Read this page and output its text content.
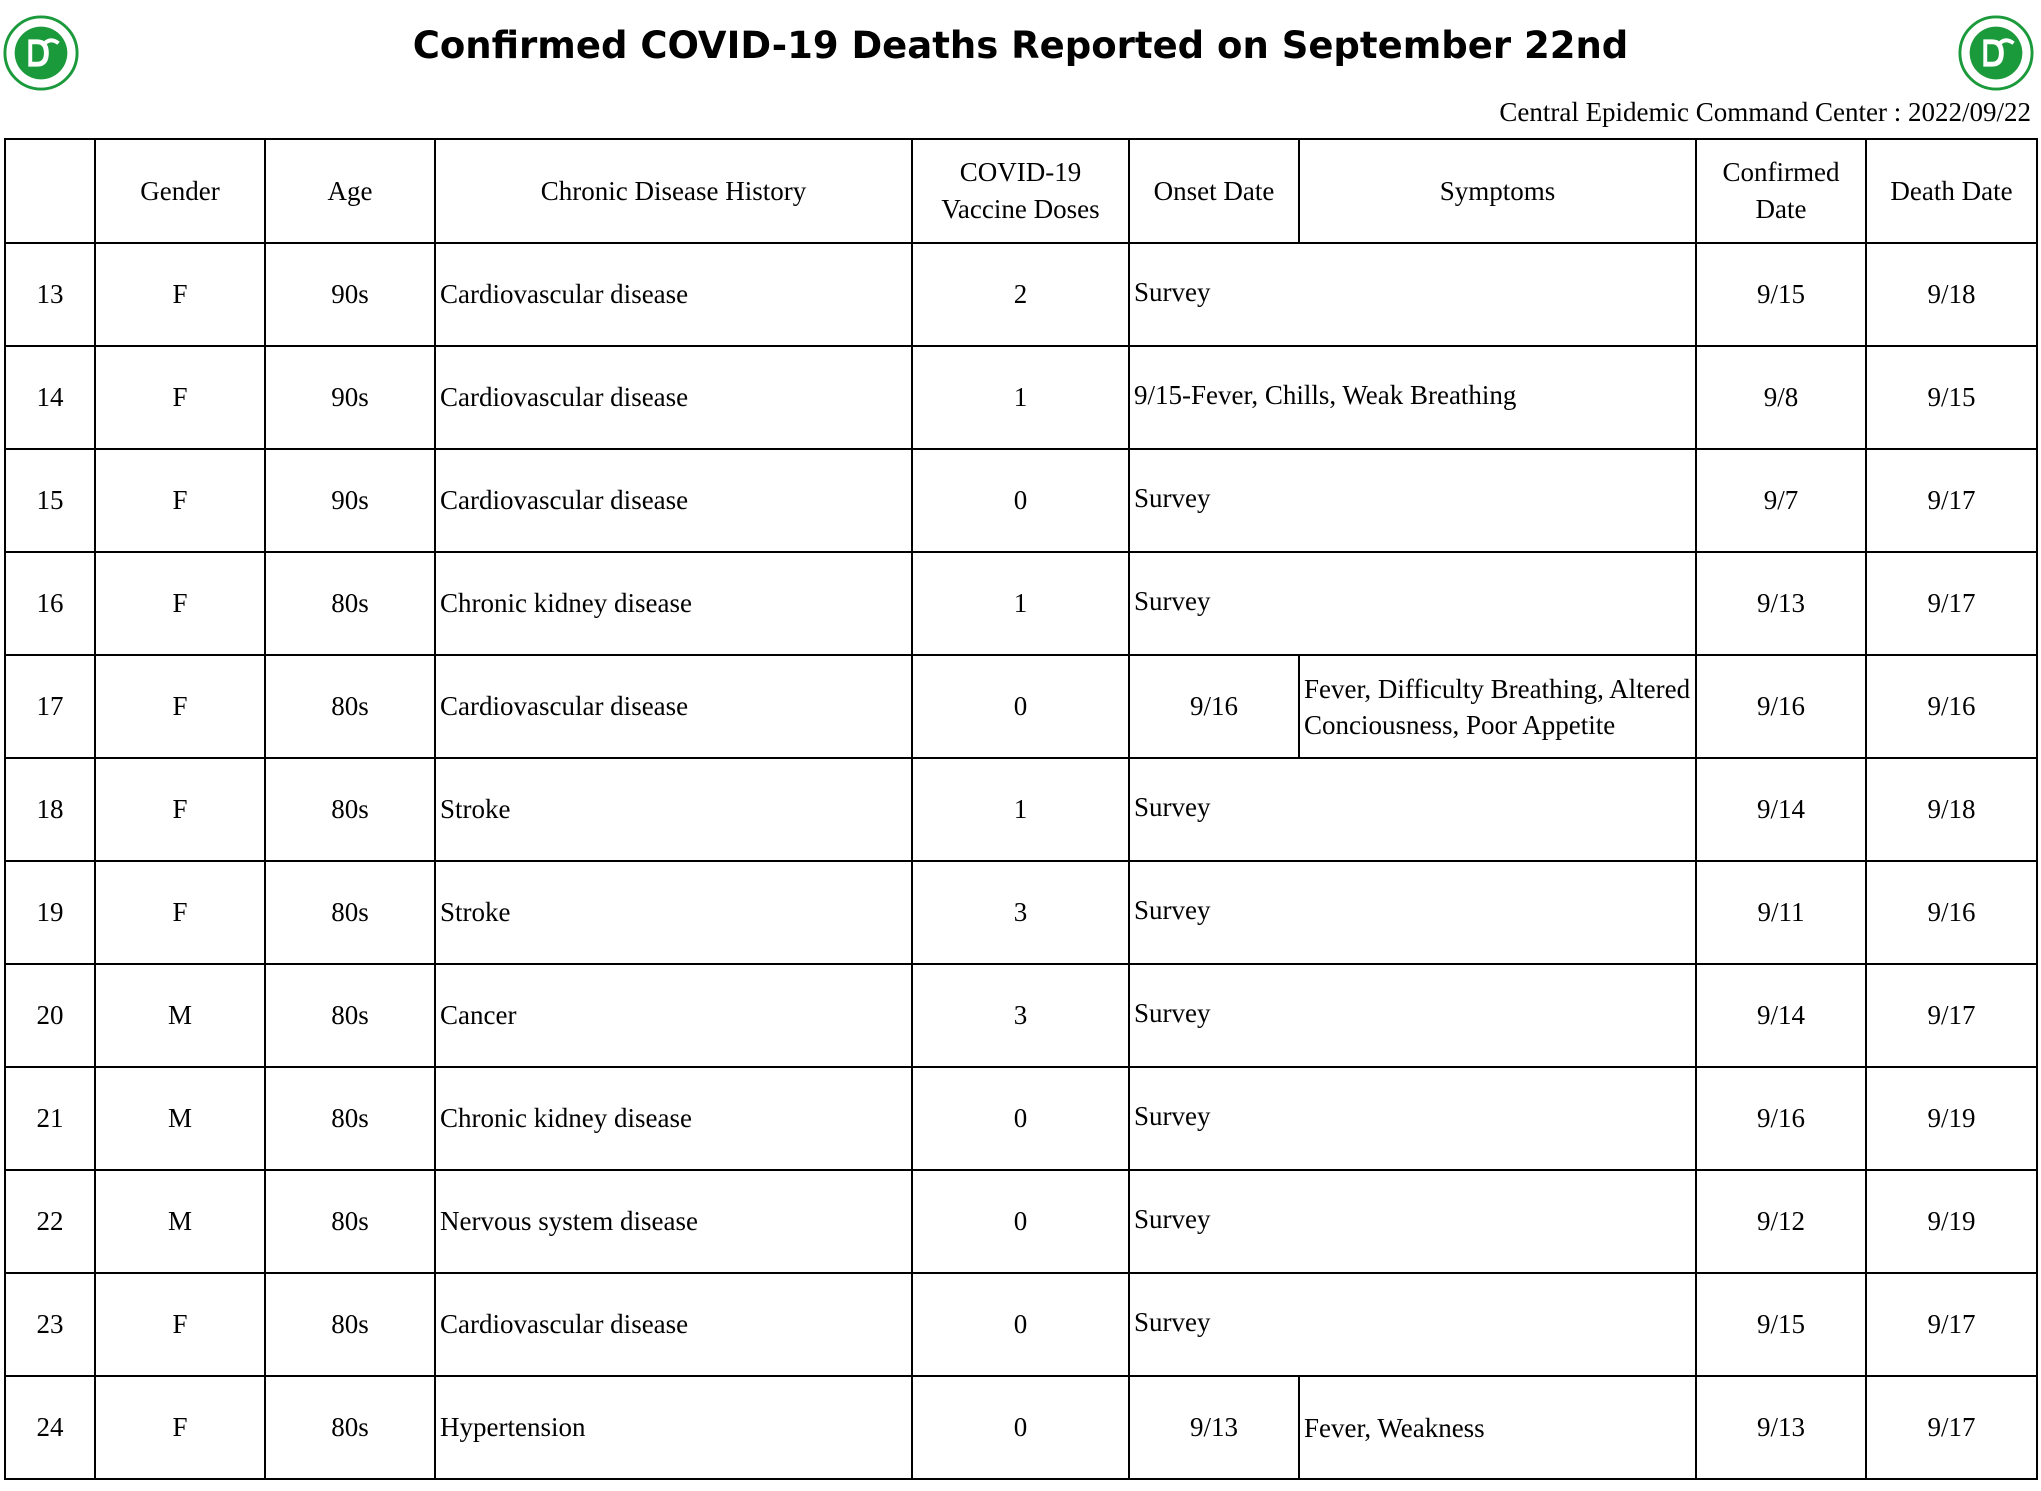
Confirmed COVID-19 Deaths Reported on September 22nd
Central Epidemic Command Center : 2022/09/22
	Gender	Age	Chronic Disease History	COVID-19 Vaccine Doses	Onset Date	Symptoms	Confirmed Date	Death Date
13	F	90s	Cardiovascular disease	2	Survey		9/15	9/18
14	F	90s	Cardiovascular disease	1	9/15-Fever, Chills, Weak Breathing		9/8	9/15
15	F	90s	Cardiovascular disease	0	Survey		9/7	9/17
16	F	80s	Chronic kidney disease	1	Survey		9/13	9/17
17	F	80s	Cardiovascular disease	0	9/16	Fever, Difficulty Breathing, Altered Conciousness, Poor Appetite	9/16	9/16
18	F	80s	Stroke	1	Survey		9/14	9/18
19	F	80s	Stroke	3	Survey		9/11	9/16
20	M	80s	Cancer	3	Survey		9/14	9/17
21	M	80s	Chronic kidney disease	0	Survey		9/16	9/19
22	M	80s	Nervous system disease	0	Survey		9/12	9/19
23	F	80s	Cardiovascular disease	0	Survey		9/15	9/17
24	F	80s	Hypertension	0	9/13	Fever, Weakness	9/13	9/17
